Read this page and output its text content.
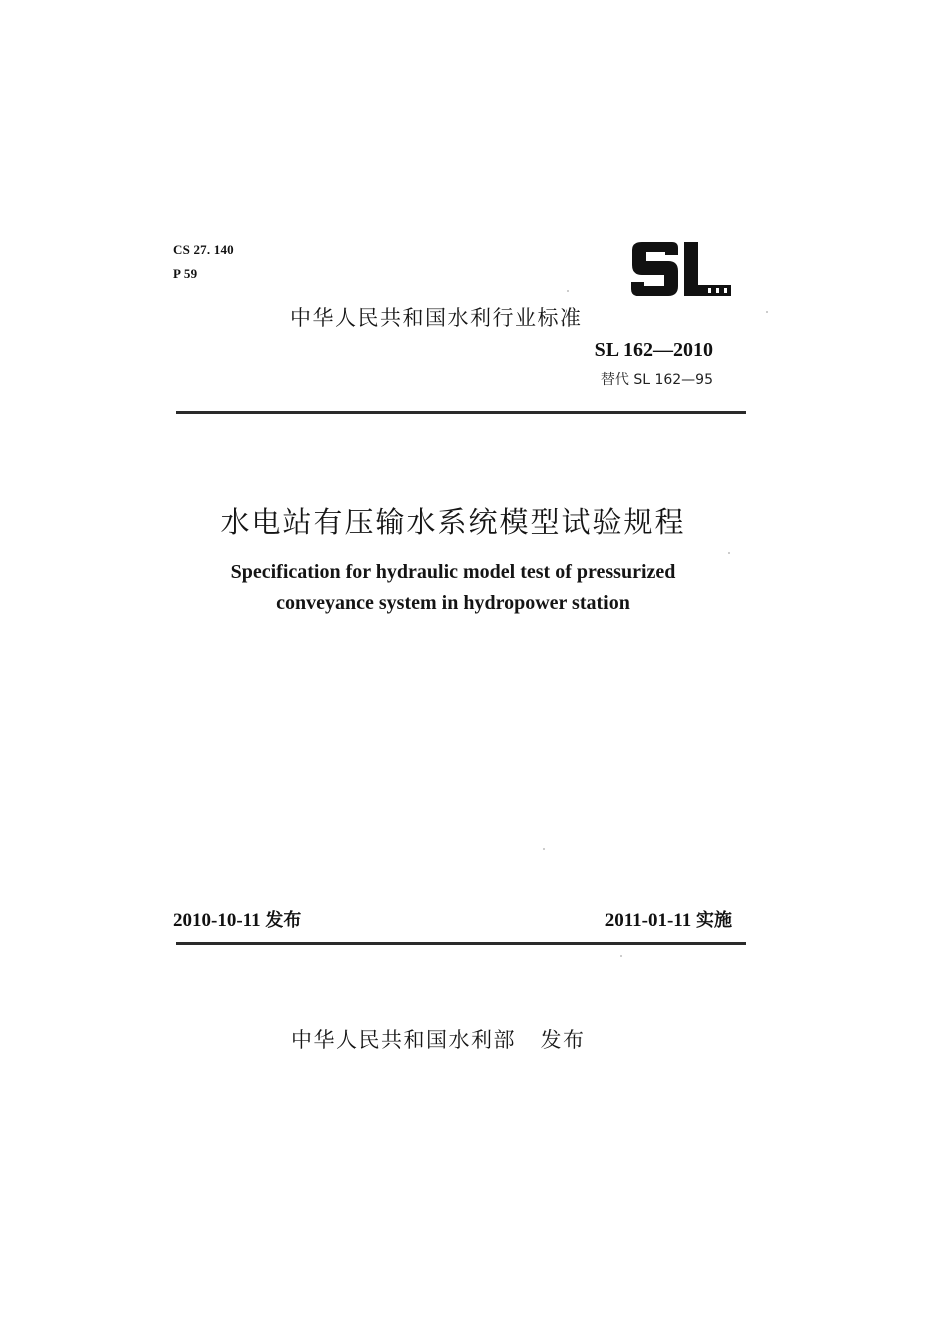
CS 27. 140
P 59
中华人民共和国水利行业标准
SL 162—2010
替代 SL 162—95
水电站有压输水系统模型试验规程
Specification for hydraulic model test of pressurized
conveyance system in hydropower station
2010-10-11 发布	2011-01-11 实施
中华人民共和国水利部 发布
